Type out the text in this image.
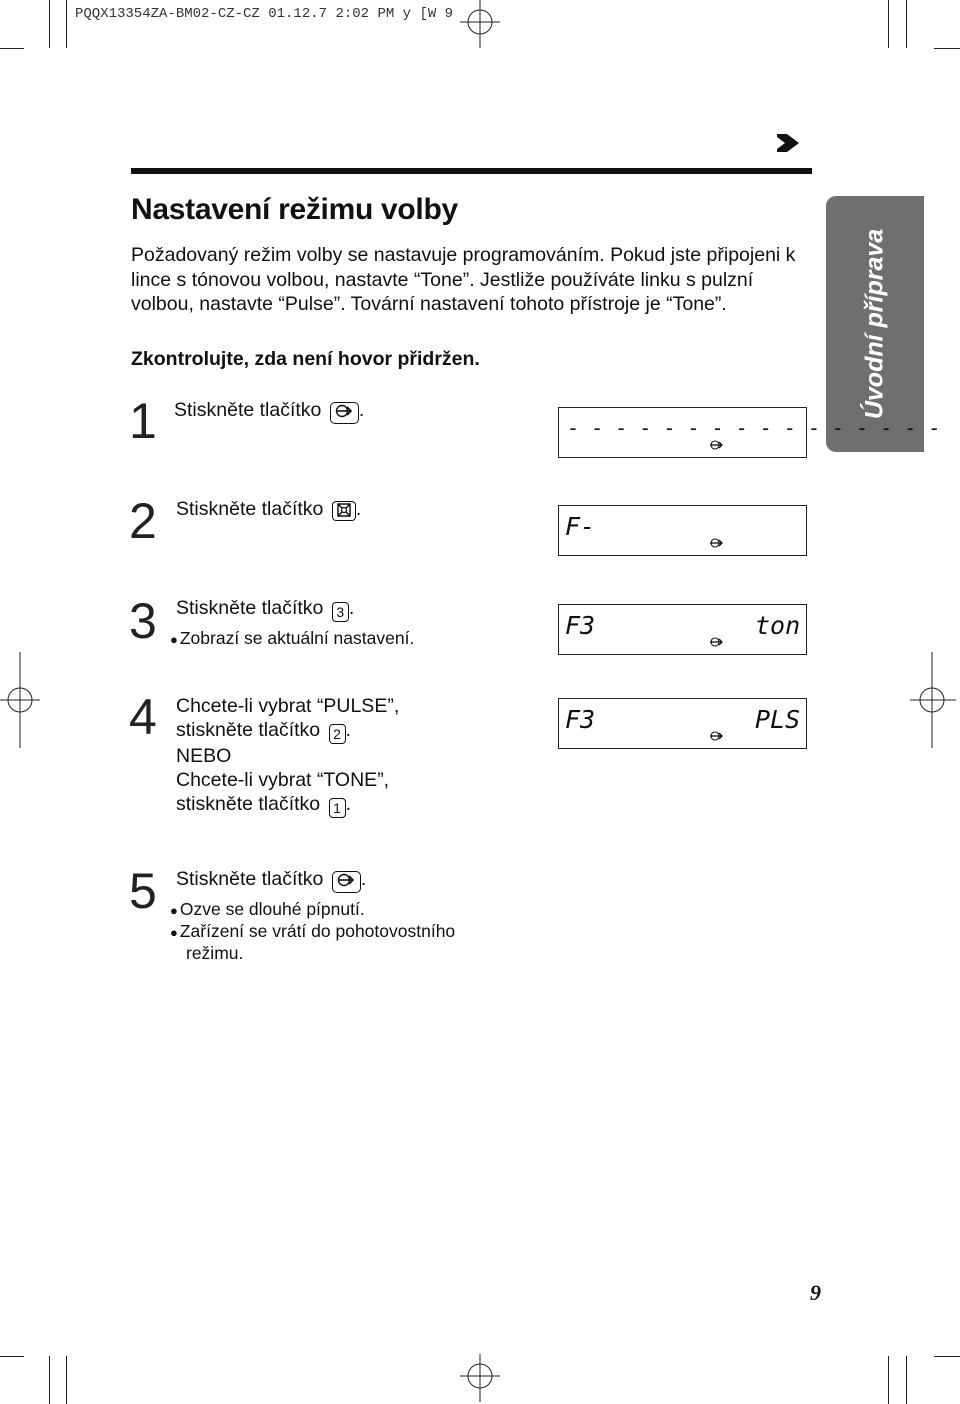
PQQX13354ZA-BM02-CZ-CZ 01.12.7 2:02 PM y [W 9
Úvodní příprava
Nastavení režimu volby
Požadovaný režim volby se nastavuje programováním. Pokud jste připojeni k lince s tónovou volbou, nastavte “Tone”. Jestliže používáte linku s pulzní volbou, nastavte “Pulse”. Tovární nastavení tohoto přístroje je “Tone”.
Zkontrolujte, zda není hovor přidržen.
1 Stiskněte tlačítko .
2 Stiskněte tlačítko .
3 Stiskněte tlačítko 3 .
● Zobrazí se aktuální nastavení.
4 Chcete-li vybrat “PULSE”,
stiskněte tlačítko 2 .
NEBO
Chcete-li vybrat “TONE”,
stiskněte tlačítko 1 .
5 Stiskněte tlačítko .
● Ozve se dlouhé pípnutí.
● Zařízení se vrátí do pohotovostního
režimu.
- - - - - - - - - - - - - - - -
F-
F3	ton
F3	PLS
9
